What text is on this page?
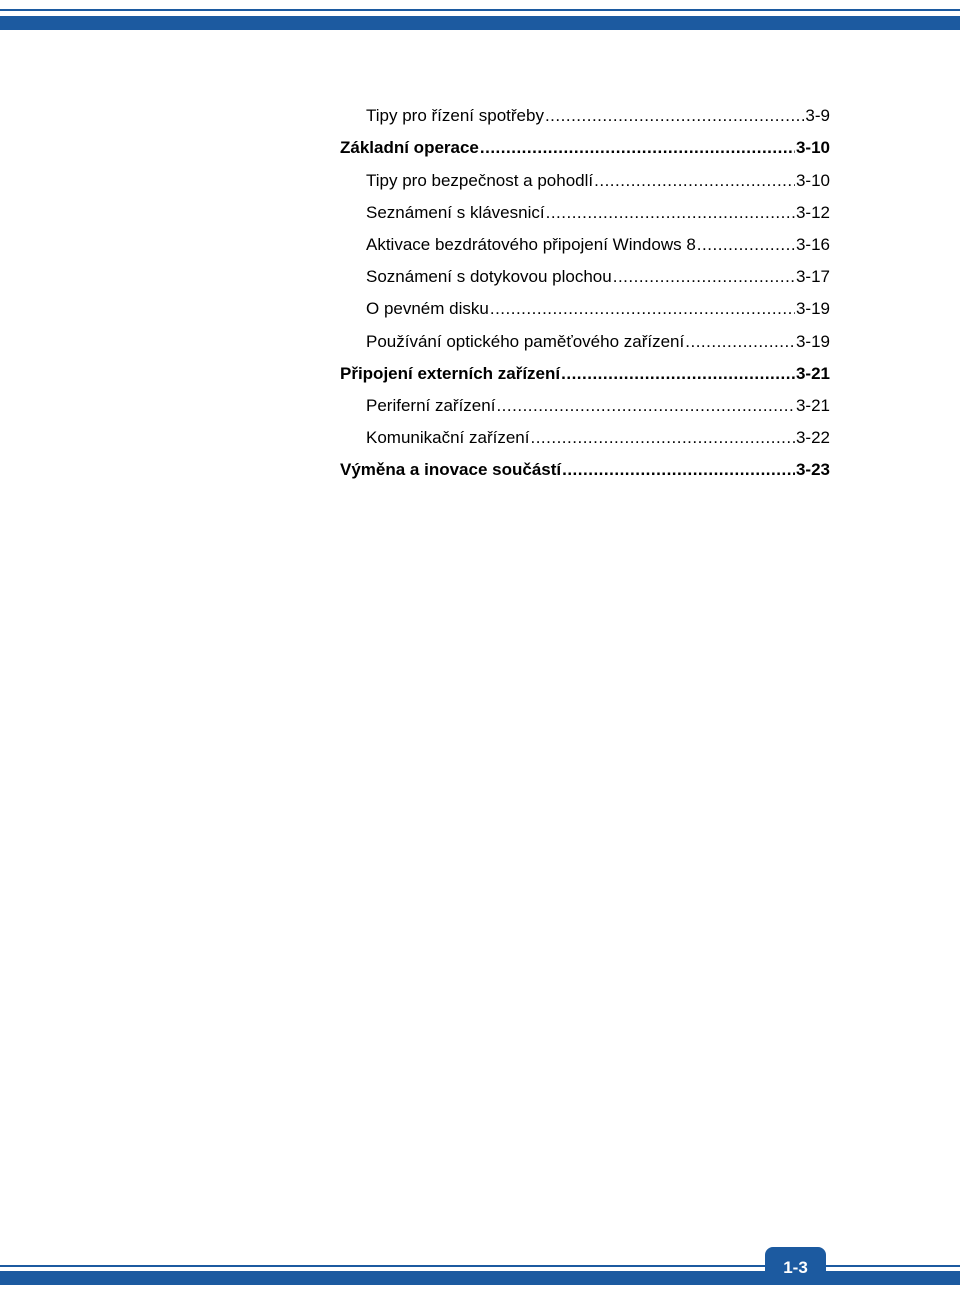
Tipy pro řízení spotřeby .....	3-9
Základní operace .....	3-10
Tipy pro bezpečnost a pohodlí .....	3-10
Seznámení s klávesnicí .....	3-12
Aktivace bezdrátového připojení Windows 8 .....	3-16
Soznámení s dotykovou plochou .....	3-17
O pevném disku .....	3-19
Používání optického paměťového zařízení .....	3-19
Připojení externích zařízení .....	3-21
Periferní zařízení .....	3-21
Komunikační zařízení .....	3-22
Výměna a inovace součástí .....	3-23
1-3
